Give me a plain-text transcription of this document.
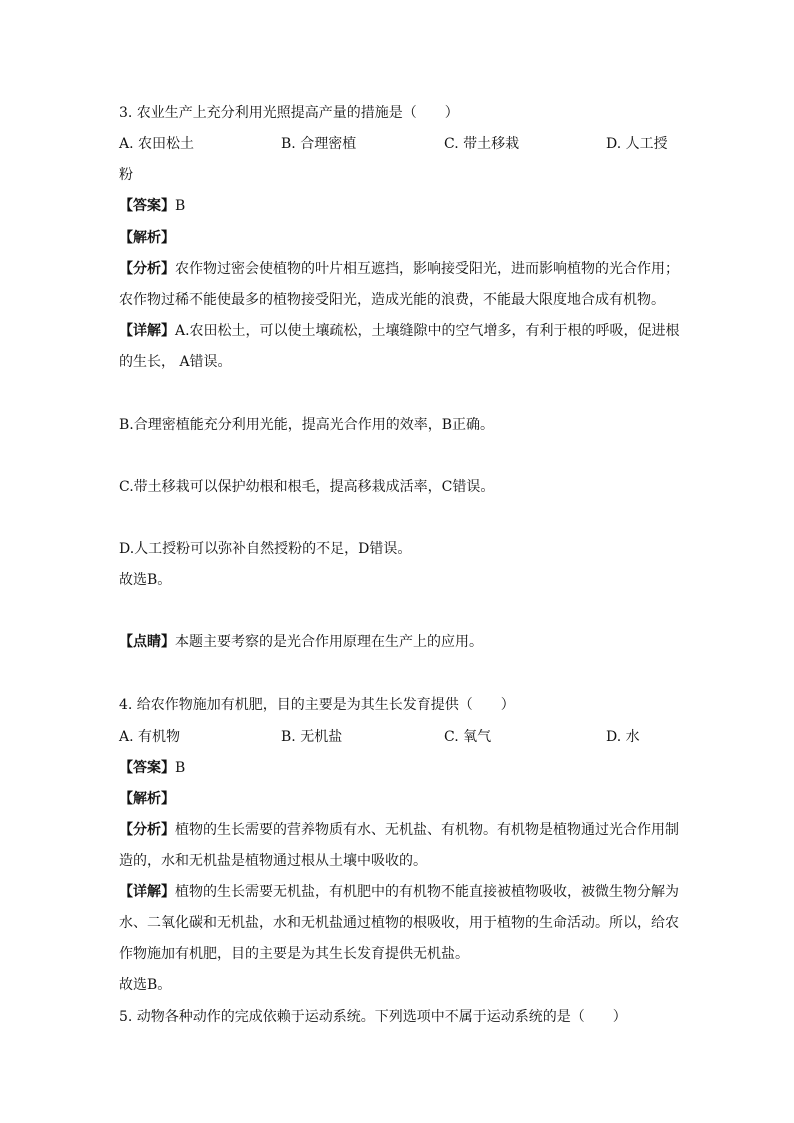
3. 农业生产上充分利用光照提高产量的措施是（　　）
A. 农田松土	B. 合理密植	C. 带土移栽	D. 人工授
粉
【答案】B
【解析】
【分析】农作物过密会使植物的叶片相互遮挡，影响接受阳光，进而影响植物的光合作用；
农作物过稀不能使最多的植物接受阳光，造成光能的浪费，不能最大限度地合成有机物。
【详解】A.农田松土，可以使土壤疏松，土壤缝隙中的空气增多，有利于根的呼吸，促进根
的生长， A错误。
B.合理密植能充分利用光能，提高光合作用的效率，B正确。
C.带土移栽可以保护幼根和根毛，提高移栽成活率，C错误。
D.人工授粉可以弥补自然授粉的不足，D错误。
故选B。
【点睛】本题主要考察的是光合作用原理在生产上的应用。
4. 给农作物施加有机肥，目的主要是为其生长发育提供（　　）
A. 有机物	B. 无机盐	C. 氧气	D. 水
【答案】B
【解析】
【分析】植物的生长需要的营养物质有水、无机盐、有机物。有机物是植物通过光合作用制
造的，水和无机盐是植物通过根从土壤中吸收的。
【详解】植物的生长需要无机盐，有机肥中的有机物不能直接被植物吸收，被微生物分解为
水、二氧化碳和无机盐，水和无机盐通过植物的根吸收，用于植物的生命活动。所以，给农
作物施加有机肥，目的主要是为其生长发育提供无机盐。
故选B。
5. 动物各种动作的完成依赖于运动系统。下列选项中不属于运动系统的是（　　）
